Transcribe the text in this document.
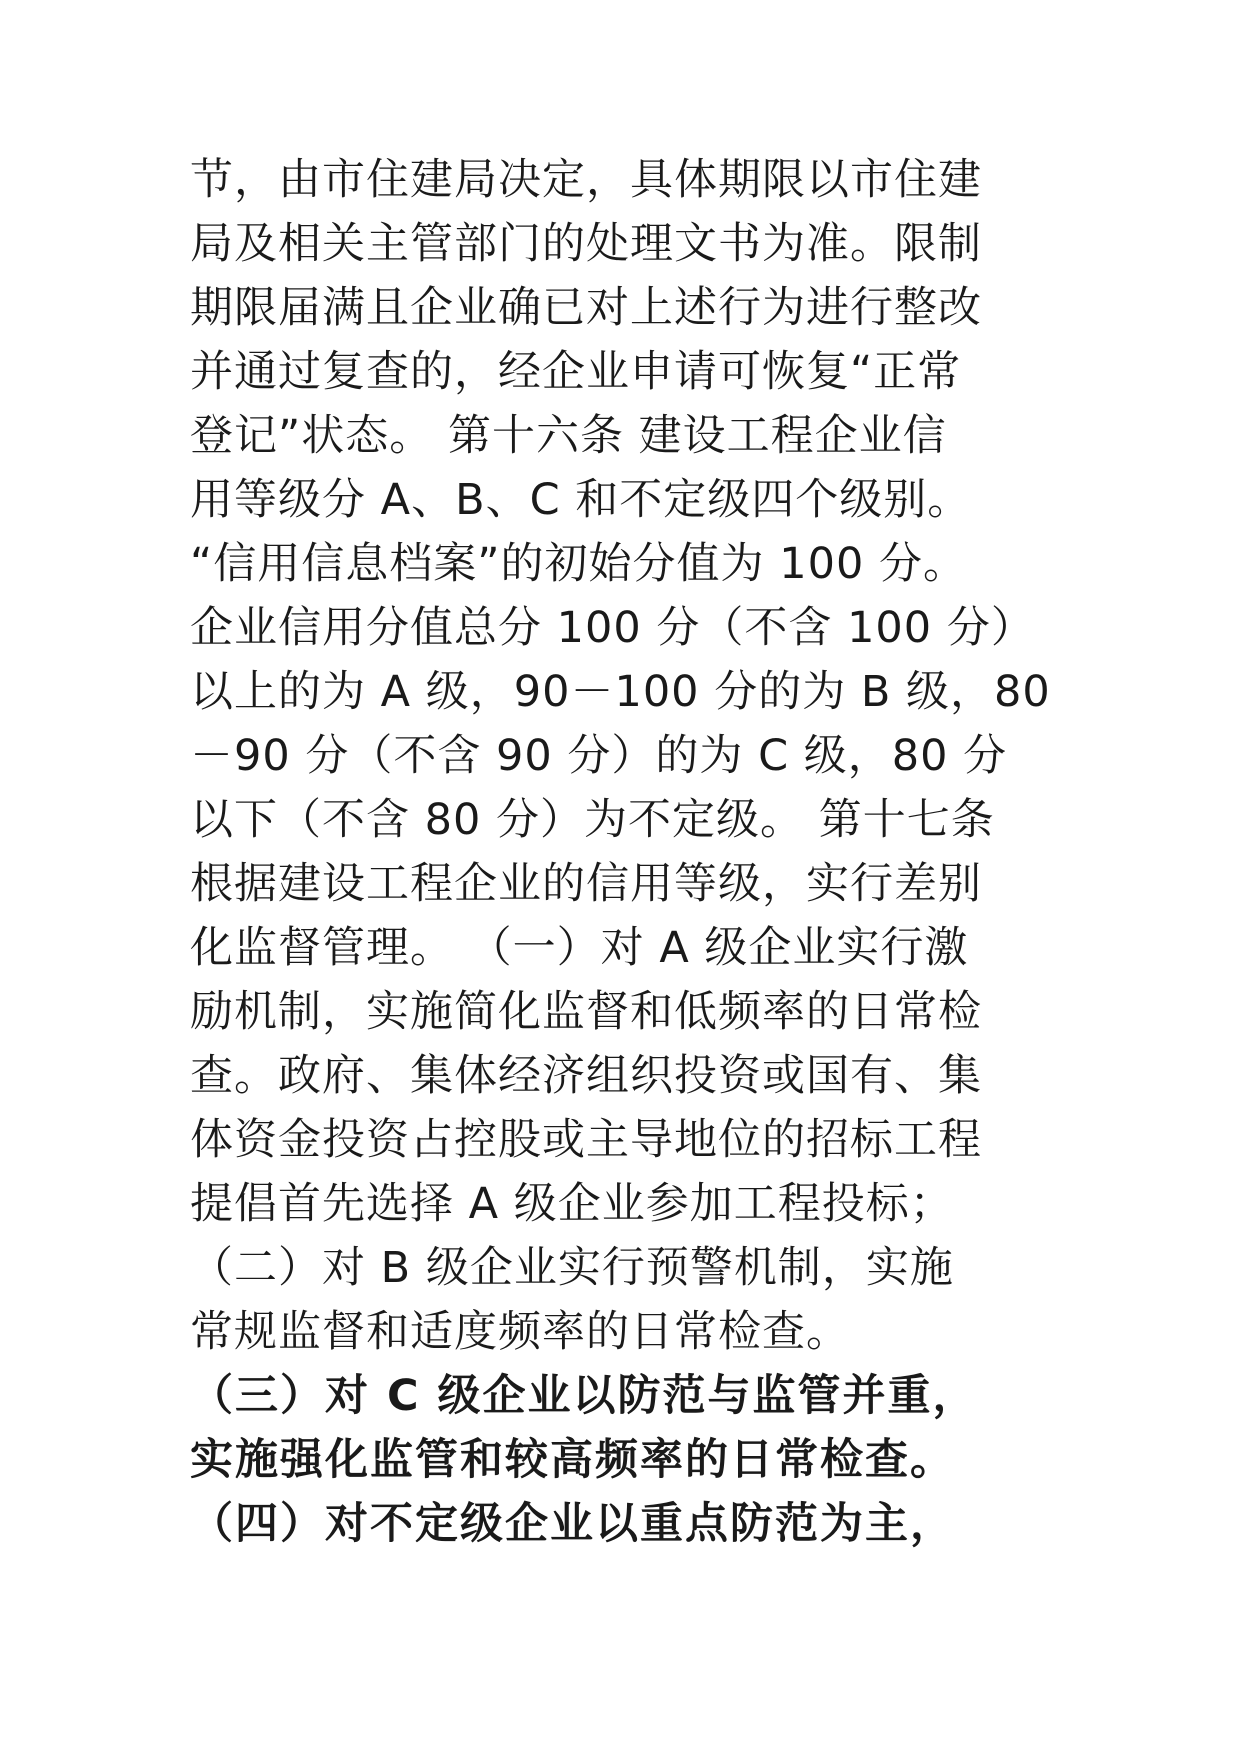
节，由市住建局决定，具体期限以市住建
局及相关主管部门的处理文书为准。限制
期限届满且企业确已对上述行为进行整改
并通过复查的，经企业申请可恢复“正常
登记”状态。 第十六条 建设工程企业信
用等级分 A、B、C 和不定级四个级别。
“信用信息档案”的初始分值为 100 分。
企业信用分值总分 100 分（不含 100 分）
以上的为 A 级，90－100 分的为 B 级，80
－90 分（不含 90 分）的为 C 级，80 分
以下（不含 80 分）为不定级。 第十七条
根据建设工程企业的信用等级，实行差别
化监督管理。 （一）对 A 级企业实行激
励机制，实施简化监督和低频率的日常检
查。政府、集体经济组织投资或国有、集
体资金投资占控股或主导地位的招标工程
提倡首先选择 A 级企业参加工程投标；
（二）对 B 级企业实行预警机制，实施
常规监督和适度频率的日常检查。
（三）对 C 级企业以防范与监管并重，
实施强化监管和较高频率的日常检查。
（四）对不定级企业以重点防范为主，
